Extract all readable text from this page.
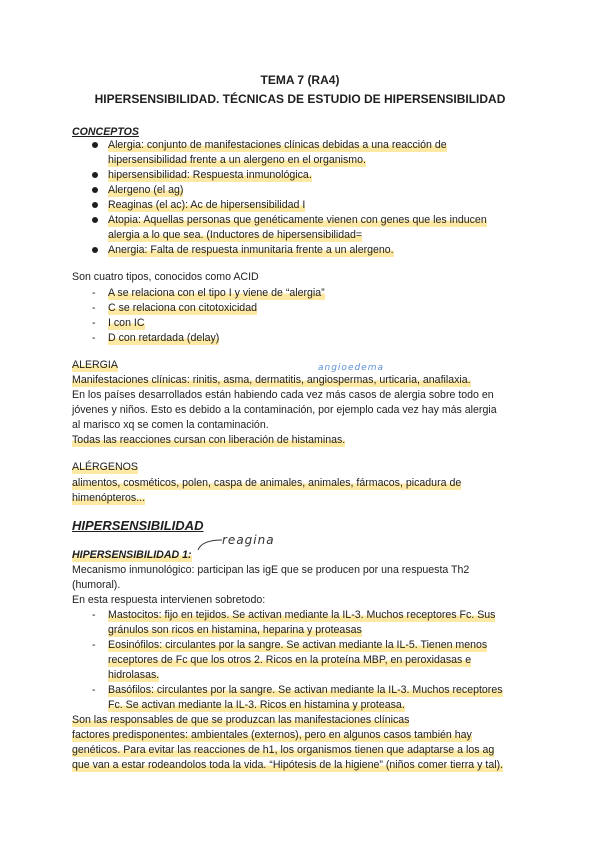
TEMA 7 (RA4)
HIPERSENSIBILIDAD. TÉCNICAS DE ESTUDIO DE HIPERSENSIBILIDAD
CONCEPTOS
Alergia: conjunto de manifestaciones clínicas debidas a una reacción de
hipersensibilidad frente a un alergeno en el organismo.
hipersensibilidad: Respuesta inmunológica.
Alergeno (el ag)
Reaginas (el ac): Ac de hipersensibilidad I
Atopia: Aquellas personas que genéticamente vienen con genes que les inducen
alergia a lo que sea. (Inductores de hipersensibilidad=
Anergia: Falta de respuesta inmunitaria frente a un alergeno.
Son cuatro tipos, conocidos como ACID
- A se relaciona con el tipo I y viene de “alergia”
- C se relaciona con citotoxicidad
- I con IC
- D con retardada (delay)
ALERGIA	angioedema
Manifestaciones clínicas: rinitis, asma, dermatitis, angiospermas, urticaria, anafilaxia.
En los países desarrollados están habiendo cada vez más casos de alergia sobre todo en
jóvenes y niños. Esto es debido a la contaminación, por ejemplo cada vez hay más alergia
al marisco xq se comen la contaminación.
Todas las reacciones cursan con liberación de histaminas.
ALÉRGENOS
alimentos, cosméticos, polen, caspa de animales, animales, fármacos, picadura de
himenópteros...
HIPERSENSIBILIDAD
reagina
HIPERSENSIBILIDAD 1:
Mecanismo inmunológico: participan las igE que se producen por una respuesta Th2
(humoral).
En esta respuesta intervienen sobretodo:
- Mastocitos: fijo en tejidos. Se activan mediante la IL-3. Muchos receptores Fc. Sus
gránulos son ricos en histamina, heparina y proteasas
- Eosinófilos: circulantes por la sangre. Se activan mediante la IL-5. Tienen menos
receptores de Fc que los otros 2. Ricos en la proteína MBP, en peroxidasas e
hidrolasas.
- Basófilos: circulantes por la sangre. Se activan mediante la IL-3. Muchos receptores
Fc. Se activan mediante la IL-3. Ricos en histamina y proteasa.
Son las responsables de que se produzcan las manifestaciones clínicas
factores predisponentes: ambientales (externos), pero en algunos casos también hay
genéticos. Para evitar las reacciones de h1, los organismos tienen que adaptarse a los ag
que van a estar rodeandolos toda la vida. “Hipótesis de la higiene” (niños comer tierra y tal).
